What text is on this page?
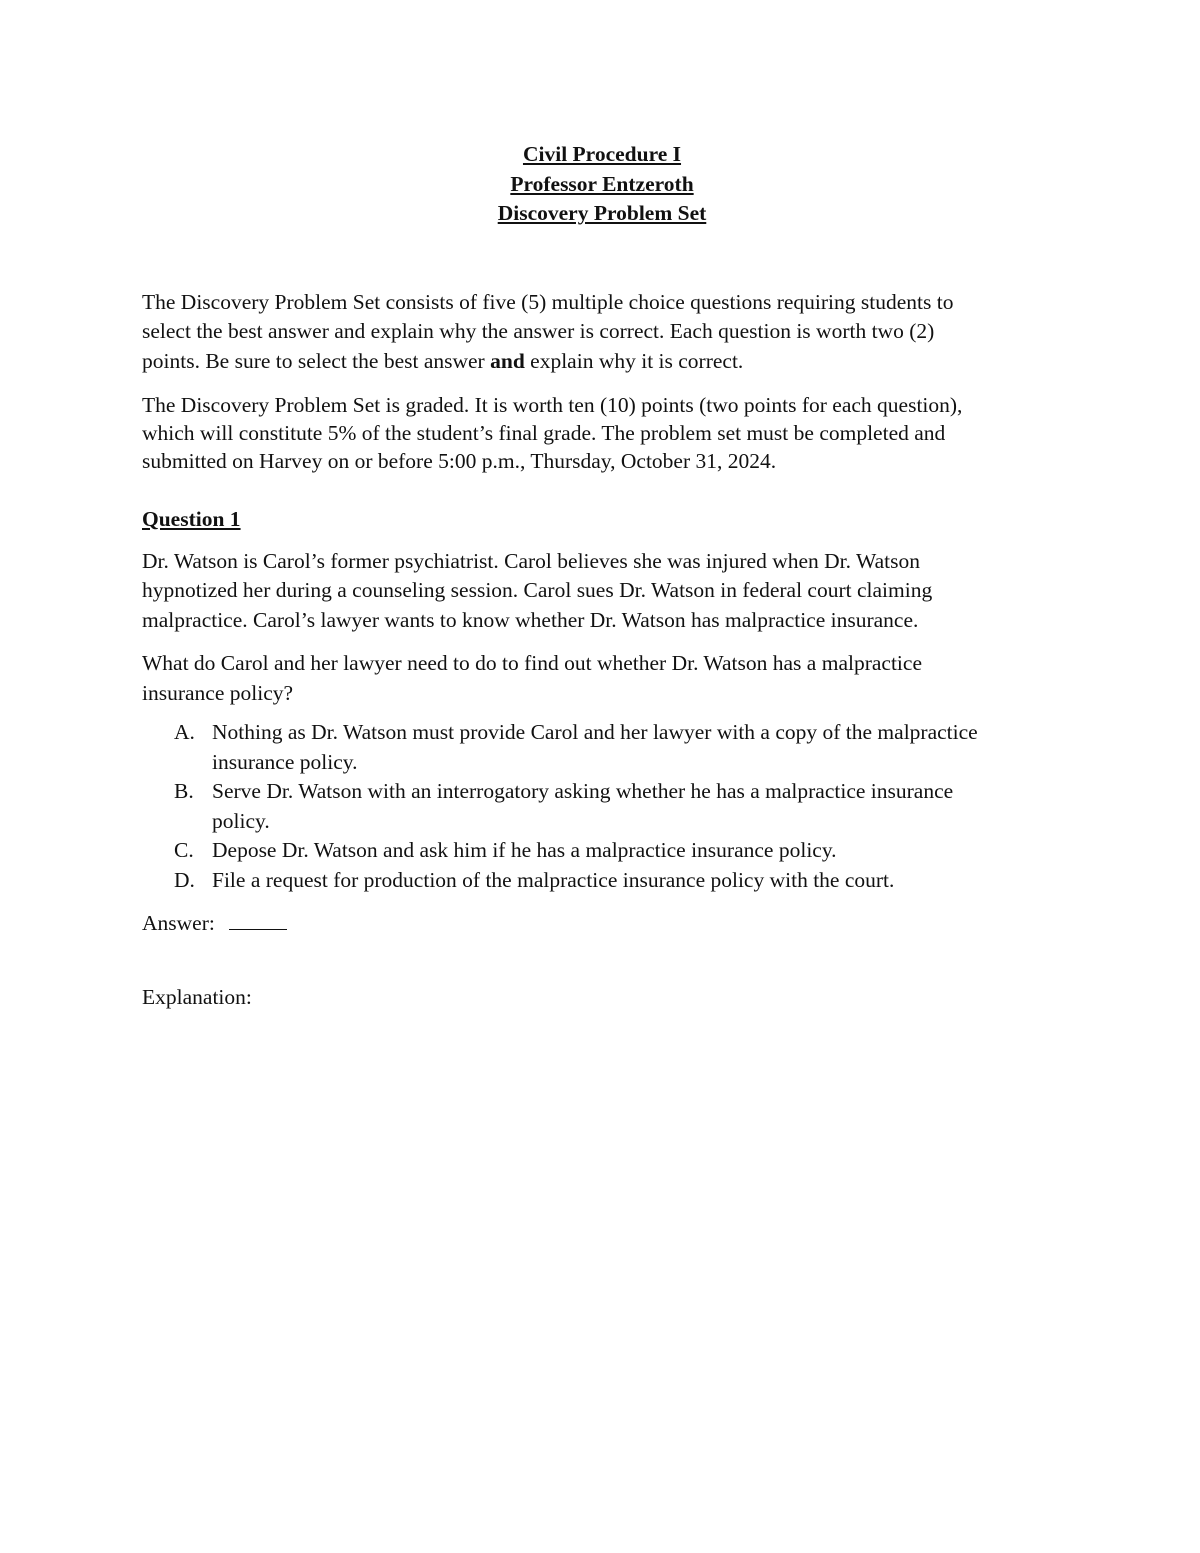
Civil Procedure I
Professor Entzeroth
Discovery Problem Set

The Discovery Problem Set consists of five (5) multiple choice questions requiring students to
select the best answer and explain why the answer is correct. Each question is worth two (2)
points. Be sure to select the best answer and explain why it is correct.

The Discovery Problem Set is graded. It is worth ten (10) points (two points for each question),
which will constitute 5% of the student’s final grade. The problem set must be completed and
submitted on Harvey on or before 5:00 p.m., Thursday, October 31, 2024.

Question 1
Dr. Watson is Carol’s former psychiatrist. Carol believes she was injured when Dr. Watson
hypnotized her during a counseling session. Carol sues Dr. Watson in federal court claiming
malpractice. Carol’s lawyer wants to know whether Dr. Watson has malpractice insurance.
What do Carol and her lawyer need to do to find out whether Dr. Watson has a malpractice
insurance policy?
A. Nothing as Dr. Watson must provide Carol and her lawyer with a copy of the malpractice
insurance policy.
B. Serve Dr. Watson with an interrogatory asking whether he has a malpractice insurance
policy.
C. Depose Dr. Watson and ask him if he has a malpractice insurance policy.
D. File a request for production of the malpractice insurance policy with the court.
Answer:
Explanation:
